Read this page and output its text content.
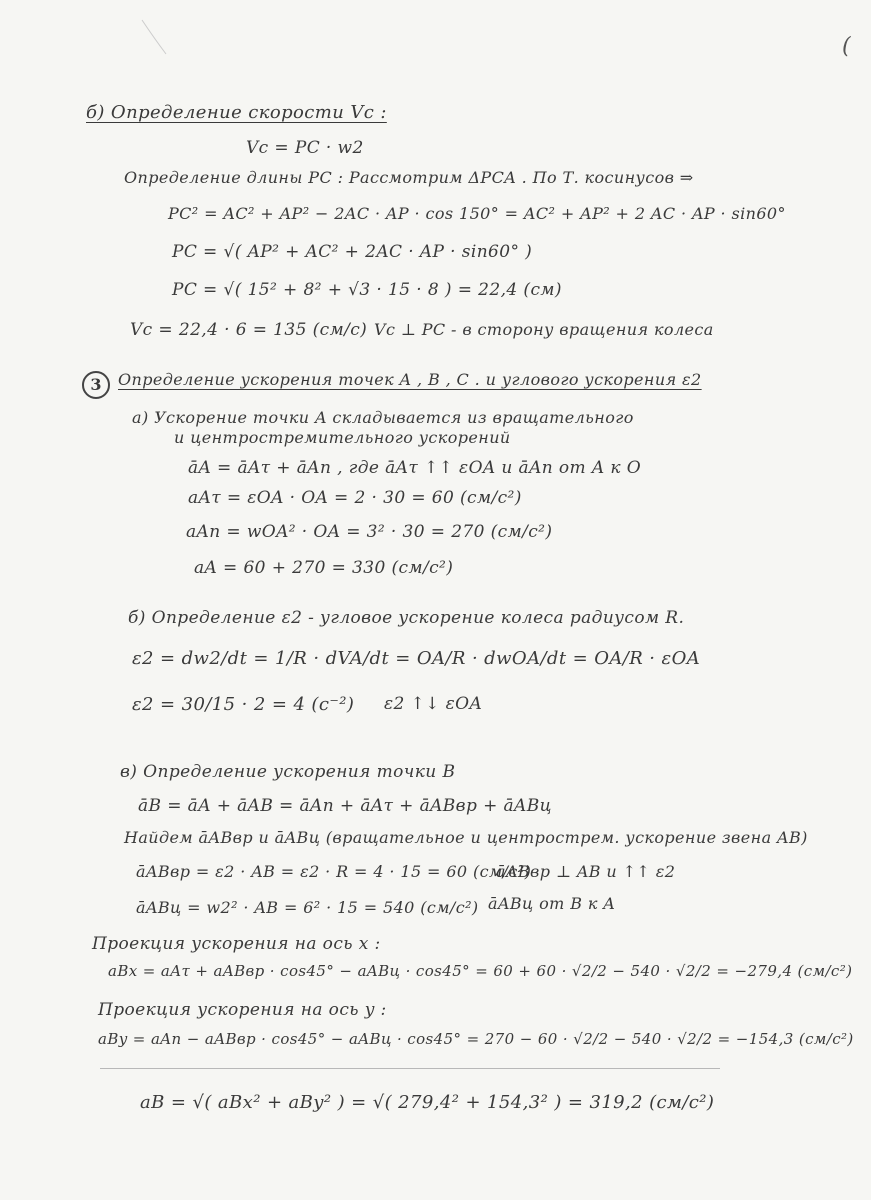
(
б) Определение скорости Vc :
Vc = PC · w2
Определение длины PC : Рассмотрим ΔPCA . По Т. косинусов ⇒
PC² = AC² + AP² − 2AC · AP · cos 150° = AC² + AP² + 2 AC · AP · sin60°
PC = √( AP² + AC² + 2AC · AP · sin60° )
PC = √( 15² + 8² + √3 · 15 · 8 ) = 22,4 (см)
Vc = 22,4 · 6 = 135 (см/с) Vc ⊥ PC - в сторону вращения колеса
3	Определение ускорения точек A , B , C . и углового ускорения ε2
а) Ускорение точки A складывается из вращательного
и центростремительного ускорений
āA = āAτ + āAn , где āAτ ↑↑ εOA и āAn от A к O
aAτ = εOA · OA = 2 · 30 = 60 (см/с²)
aAn = wOA² · OA = 3² · 30 = 270 (см/с²)
aA = 60 + 270 = 330 (см/с²)
б) Определение ε2 - угловое ускорение колеса радиусом R.
ε2 = dw2/dt = 1/R · dVA/dt = OA/R · dwOA/dt = OA/R · εOA
ε2 = 30/15 · 2 = 4 (с⁻²) ε2 ↑↓ εOA
в) Определение ускорения точки B
āB = āA + āAB = āAn + āAτ + āABвр + āABц
Найдем āABвр и āABц (вращательное и центрострем. ускорение звена AB)
āABвр = ε2 · AB = ε2 · R = 4 · 15 = 60 (см/с²)
āABвр ⊥ AB и ↑↑ ε2
āABц = w2² · AB = 6² · 15 = 540 (см/с²) āABц от B к A
Проекция ускорения на ось x :
aBx = aAτ + aABвр · cos45° − aABц · cos45° = 60 + 60 · √2/2 − 540 · √2/2 = −279,4 (см/с²)
Проекция ускорения на ось y :
aBy = aAn − aABвр · cos45° − aABц · cos45° = 270 − 60 · √2/2 − 540 · √2/2 = −154,3 (см/с²)
aB = √( aBx² + aBy² ) = √( 279,4² + 154,3² ) = 319,2 (см/с²)
